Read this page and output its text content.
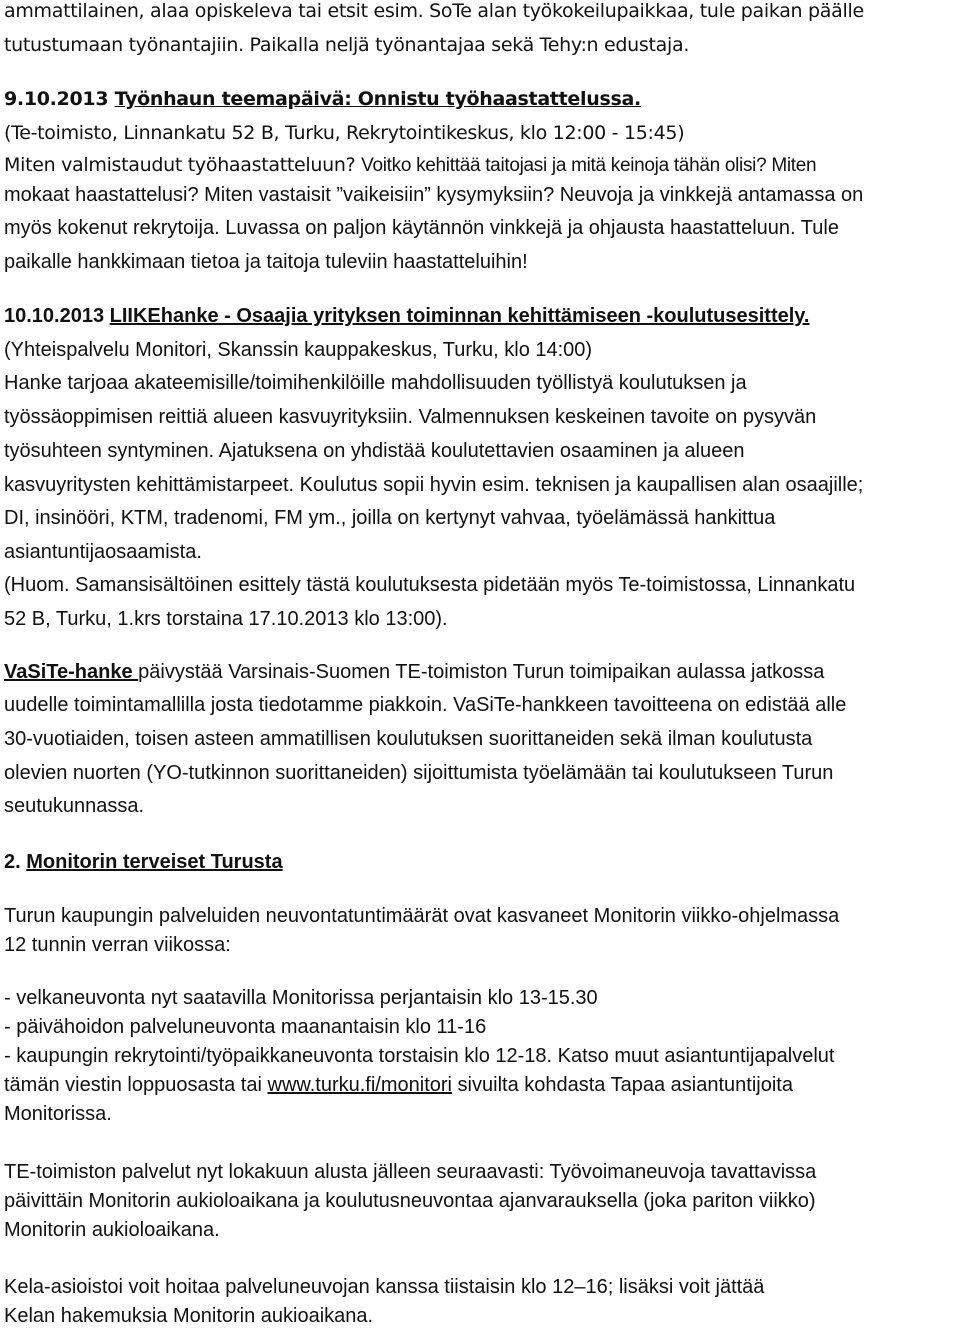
ammattilainen, alaa opiskeleva tai etsit esim. SoTe alan työkokeilupaikkaa, tule paikan päälle
tutustumaan työnantajiin. Paikalla neljä työnantajaa sekä Tehy:n edustaja.
9.10.2013 Työnhaun teemapäivä: Onnistu työhaastattelussa.
(Te-toimisto, Linnankatu 52 B, Turku, Rekrytointikeskus, klo 12:00 - 15:45)
Miten valmistaudut työhaastatteluun? Voitko kehittää taitojasi ja mitä keinoja tähän olisi? Miten
mokaat haastattelusi? Miten vastaisit ”vaikeisiin” kysymyksiin? Neuvoja ja vinkkejä antamassa on
myös kokenut rekrytoija. Luvassa on paljon käytännön vinkkejä ja ohjausta haastatteluun. Tule
paikalle hankkimaan tietoa ja taitoja tuleviin haastatteluihin!
10.10.2013 LIIKEhanke - Osaajia yrityksen toiminnan kehittämiseen -koulutusesittely.
(Yhteispalvelu Monitori, Skanssin kauppakeskus, Turku, klo 14:00)
Hanke tarjoaa akateemisille/toimihenkilöille mahdollisuuden työllistyä koulutuksen ja
työssäoppimisen reittiä alueen kasvuyrityksiin. Valmennuksen keskeinen tavoite on pysyvän
työsuhteen syntyminen. Ajatuksena on yhdistää koulutettavien osaaminen ja alueen
kasvuyritysten kehittämistarpeet. Koulutus sopii hyvin esim. teknisen ja kaupallisen alan osaajille;
DI, insinööri, KTM, tradenomi, FM ym., joilla on kertynyt vahvaa, työelämässä hankittua
asiantuntijaosaamista.
(Huom. Samansisältöinen esittely tästä koulutuksesta pidetään myös Te-toimistossa, Linnankatu
52 B, Turku, 1.krs torstaina 17.10.2013 klo 13:00).
VaSiTe-hanke päivystää Varsinais-Suomen TE-toimiston Turun toimipaikan aulassa jatkossa
uudelle toimintamallilla josta tiedotamme piakkoin. VaSiTe-hankkeen tavoitteena on edistää alle
30-vuotiaiden, toisen asteen ammatillisen koulutuksen suorittaneiden sekä ilman koulutusta
olevien nuorten (YO-tutkinnon suorittaneiden) sijoittumista työelämään tai koulutukseen Turun
seutukunnassa.
2. Monitorin terveiset Turusta
Turun kaupungin palveluiden neuvontatuntimäärät ovat kasvaneet Monitorin viikko-ohjelmassa
12 tunnin verran viikossa:
- velkaneuvonta nyt saatavilla Monitorissa perjantaisin klo 13-15.30
- päivähoidon palveluneuvonta maanantaisin klo 11-16
- kaupungin rekrytointi/työpaikkaneuvonta torstaisin klo 12-18. Katso muut asiantuntijapalvelut
tämän viestin loppuosasta tai www.turku.fi/monitori sivuilta kohdasta Tapaa asiantuntijoita
Monitorissa.
TE-toimiston palvelut nyt lokakuun alusta jälleen seuraavasti: Työvoimaneuvoja tavattavissa
päivittäin Monitorin aukioloaikana ja koulutusneuvontaa ajanvarauksella (joka pariton viikko)
Monitorin aukioloaikana.
Kela-asioistoi voit hoitaa palveluneuvojan kanssa tiistaisin klo 12–16; lisäksi voit jättää
Kelan hakemuksia Monitorin aukioaikana.
